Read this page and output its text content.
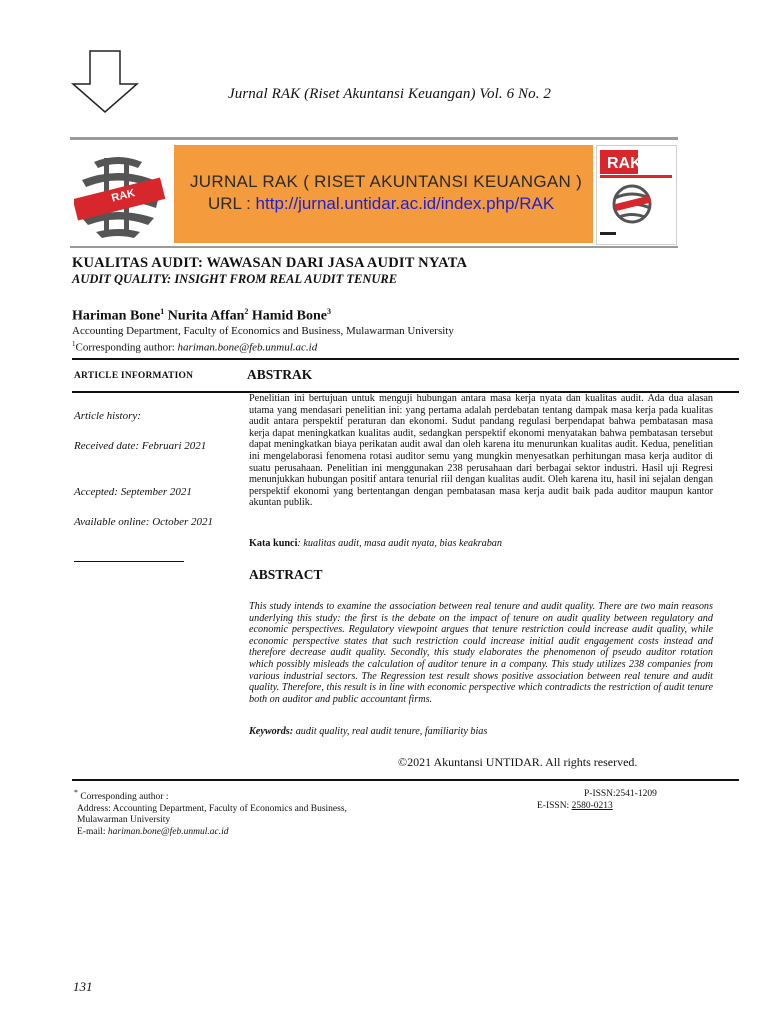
Jurnal RAK (Riset Akuntansi Keuangan) Vol. 6 No. 2
RAK
JURNAL RAK ( RISET AKUNTANSI KEUANGAN )
URL : http://jurnal.untidar.ac.id/index.php/RAK
RAK
KUALITAS AUDIT: WAWASAN DARI JASA AUDIT NYATA
AUDIT QUALITY: INSIGHT FROM REAL AUDIT TENURE
Hariman Bone$^1$ Nurita Affan$^2$ Hamid Bone$^3$
Accounting Department, Faculty of Economics and Business, Mulawarman University
$^1$Corresponding author: hariman.bone@feb.unmul.ac.id
ARTICLE INFORMATION	ABSTRAK
Article history:
Received date: Februari 2021
Accepted: September 2021
Available online: October 2021
Penelitian ini bertujuan untuk menguji hubungan antara masa kerja nyata dan kualitas audit. Ada dua alasan utama yang mendasari penelitian ini: yang pertama adalah perdebatan tentang dampak masa kerja pada kualitas audit antara perspektif peraturan dan ekonomi. Sudut pandang regulasi berpendapat bahwa pembatasan masa kerja dapat meningkatkan kualitas audit, sedangkan perspektif ekonomi menyatakan bahwa pembatasan tersebut dapat meningkatkan biaya perikatan audit awal dan oleh karena itu menurunkan kualitas audit. Kedua, penelitian ini mengelaborasi fenomena rotasi auditor semu yang mungkin menyesatkan perhitungan masa kerja auditor di suatu perusahaan. Penelitian ini menggunakan 238 perusahaan dari berbagai sektor industri. Hasil uji Regresi menunjukkan hubungan positif antara tenurial riil dengan kualitas audit. Oleh karena itu, hasil ini sejalan dengan perspektif ekonomi yang bertentangan dengan pembatasan masa kerja audit baik pada auditor maupun kantor akuntan publik.
Kata kunci: kualitas audit, masa audit nyata, bias keakraban
ABSTRACT
This study intends to examine the association between real tenure and audit quality. There are two main reasons underlying this study: the first is the debate on the impact of tenure on audit quality between regulatory and economic perspectives. Regulatory viewpoint argues that tenure restriction could increase audit quality, while economic perspective states that such restriction could increase initial audit engagement costs instead and therefore decrease audit quality. Secondly, this study elaborates the phenomenon of pseudo auditor rotation which possibly misleads the calculation of auditor tenure in a company. This study utilizes 238 companies from various industrial sectors. The Regression test result shows positive association between real tenure and audit quality. Therefore, this result is in line with economic perspective which contradicts the restriction of audit tenure both on auditor and public accountant firms.
Keywords: audit quality, real audit tenure, familiarity bias
©2021 Akuntansi UNTIDAR. All rights reserved.
* Corresponding author :
Address: Accounting Department, Faculty of Economics and Business,
Mulawarman University
E-mail: hariman.bone@feb.unmul.ac.id
P-ISSN:2541-1209
E-ISSN: 2580-0213
131
